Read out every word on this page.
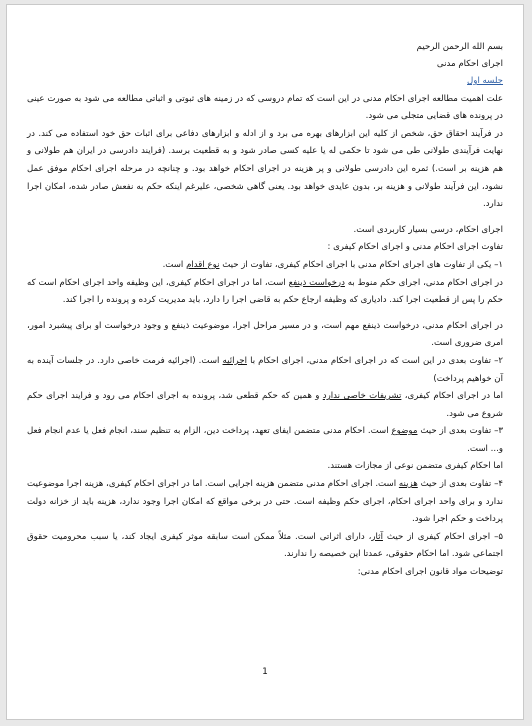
بسم الله الرحمن الرحيم

اجرای احکام مدنی

جلسه اول

علت اهمیت مطالعه اجرای احکام مدنی در این است که تمام دروسی که در زمینه های ثبوتی و اثباتی مطالعه می شود به صورت عینی در پرونده های قضایی متجلی می شود.

در فرآیند احقاق حق، شخص از کلیه این ابزارهای بهره می برد و از ادله و ابزارهای دفاعی برای اثبات حق خود استفاده می کند. در نهایت فرآیندی طولانی طی می شود تا حکمی له یا علیه کسی صادر شود و به قطعیت برسد. (فرایند دادرسی در ایران هم طولانی و هم هزینه بر است.) ثمره این دادرسی طولانی و پر هزینه در اجرای احکام خواهد بود. و چنانچه در مرحله اجرای احکام موفق عمل نشود، این فرآیند طولانی و هزینه بر، بدون عایدی خواهد بود. یعنی گاهی شخصی، علیرغم اینکه حکم به نفعش صادر شده، امکان اجرا ندارد.

اجرای احکام، درسی بسیار کاربردی است.

تفاوت اجرای احکام مدنی و اجرای احکام کیفری :

۱– یکی از تفاوت های اجرای احکام مدنی با اجرای احکام کیفری، تفاوت از حیث نوع اقدام است.

در اجرای احکام مدنی، اجرای حکم منوط به درخواست ذینفع است، اما در اجرای احکام کیفری، این وظیفه واحد اجرای احکام است که حکم را پس از قطعیت اجرا کند. دادیاری که وظیفه ارجاع حکم به قاضی اجرا را دارد، باید مدیریت کرده و پرونده را اجرا کند.

در اجرای احکام مدنی، درخواست ذینفع مهم است، و در مسیر مراحل اجرا، موضوعیت ذینفع و وجود درخواست او برای پیشبرد امور، امری ضروری است.

۲– تفاوت بعدی در این است که در اجرای احکام مدنی، اجرای احکام با اجرائیه است. (اجرائیه فرمت خاصی دارد. در جلسات آینده به آن خواهیم پرداخت)

اما در اجرای احکام کیفری، تشریفات خاصی ندارد و همین که حکم قطعی شد، پرونده به اجرای احکام می رود و فرایند اجرای حکم شروع می شود.

۳– تفاوت بعدی از حیث موضوع است. احکام مدنی متضمن ایفای تعهد، پرداخت دین، الزام به تنظیم سند، انجام فعل یا عدم انجام فعل و... است.

اما احکام کیفری متضمن نوعی از مجازات هستند.

۴– تفاوت بعدی از حیث هزینه است. اجرای احکام مدنی متضمن هزینه اجرایی است. اما در اجرای احکام کیفری، هزینه اجرا موضوعیت ندارد و برای واحد اجرای احکام، اجرای حکم وظیفه است. حتی در برخی مواقع که امکان اجرا وجود ندارد، هزینه باید از خزانه دولت پرداخت و حکم اجرا شود.

۵– اجرای احکام کیفری از حیث آثار، دارای اثراتی است. مثلاً ممکن است سابقه موثر کیفری ایجاد کند، یا سبب محرومیت حقوق اجتماعی شود. اما احکام حقوقی، عمدتا این خصیصه را ندارند.

توضیحات مواد قانون اجرای احکام مدنی:

1
